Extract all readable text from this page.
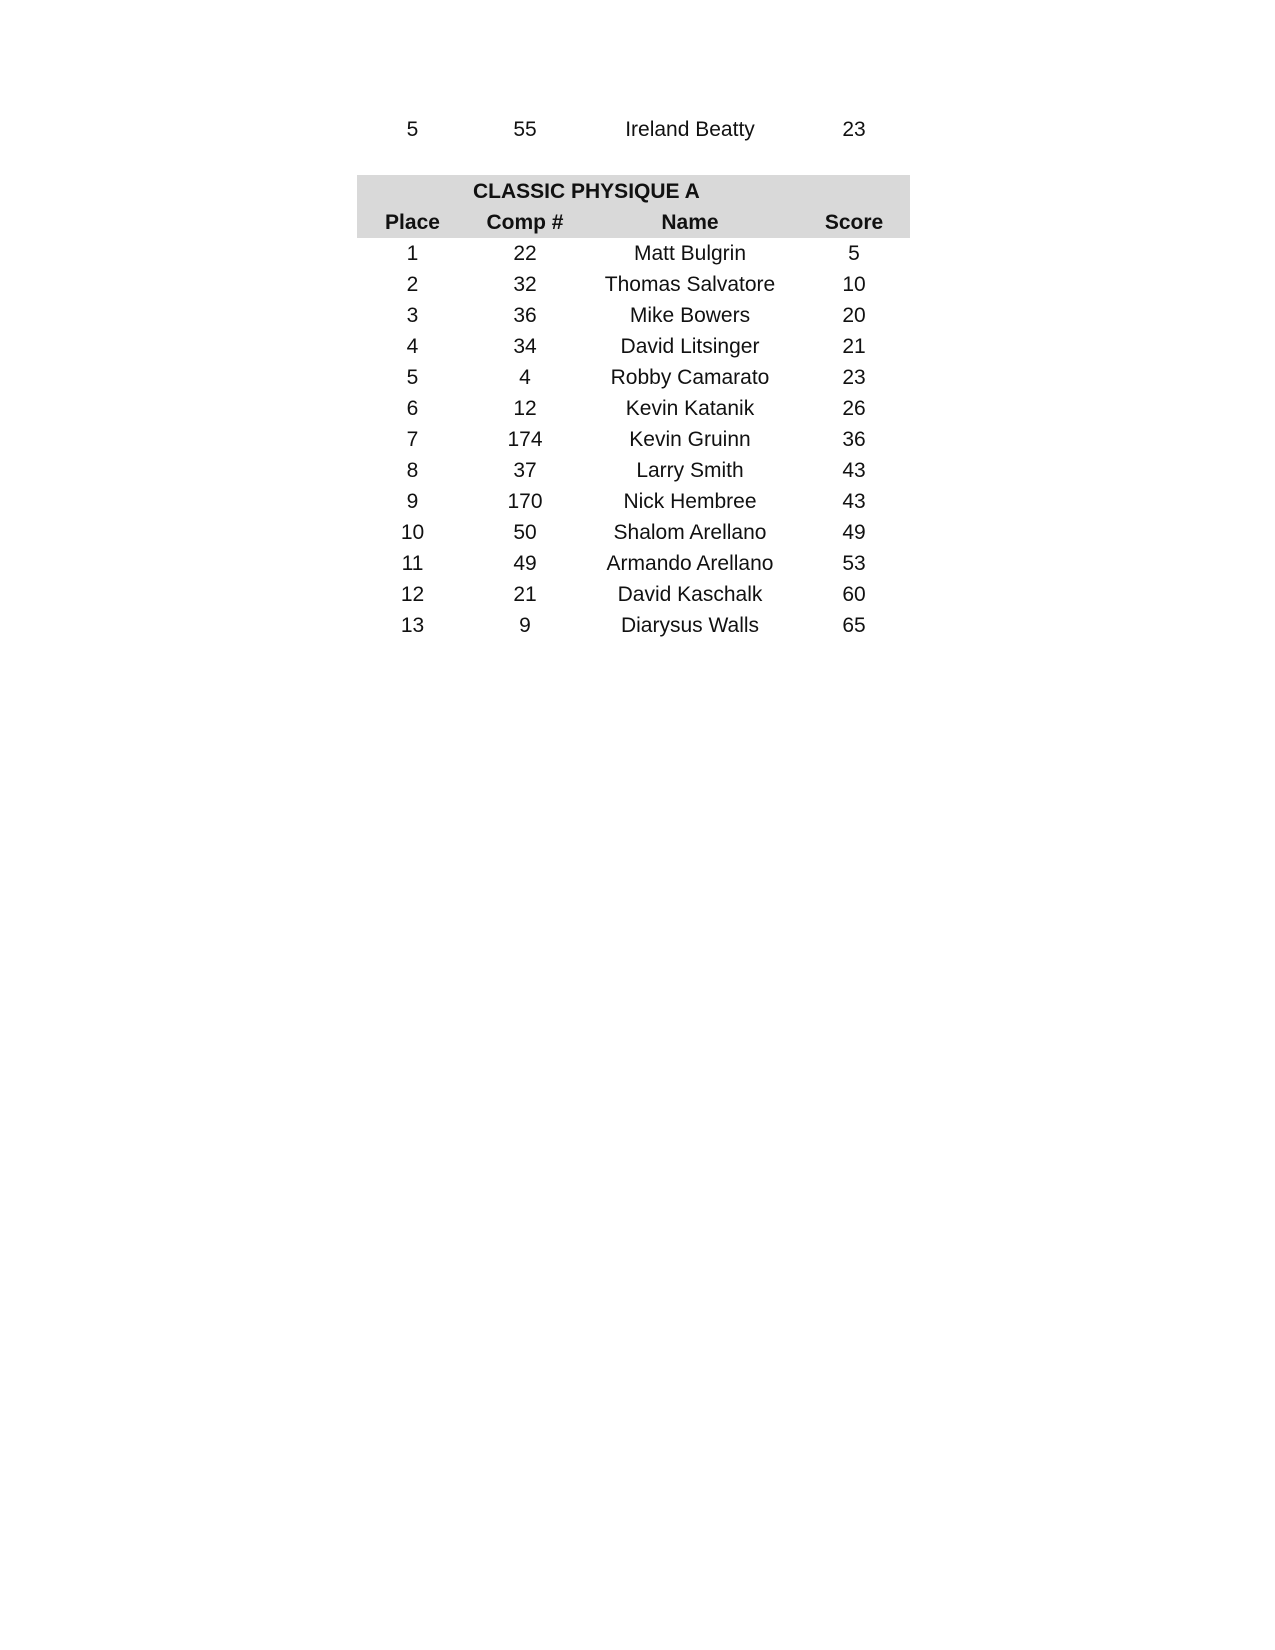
5	55	Ireland Beatty	23
CLASSIC PHYSIQUE A
Place	Comp #	Name	Score
1	22	Matt Bulgrin	5
2	32	Thomas Salvatore	10
3	36	Mike Bowers	20
4	34	David Litsinger	21
5	4	Robby Camarato	23
6	12	Kevin Katanik	26
7	174	Kevin Gruinn	36
8	37	Larry Smith	43
9	170	Nick Hembree	43
10	50	Shalom Arellano	49
11	49	Armando Arellano	53
12	21	David Kaschalk	60
13	9	Diarysus Walls	65
